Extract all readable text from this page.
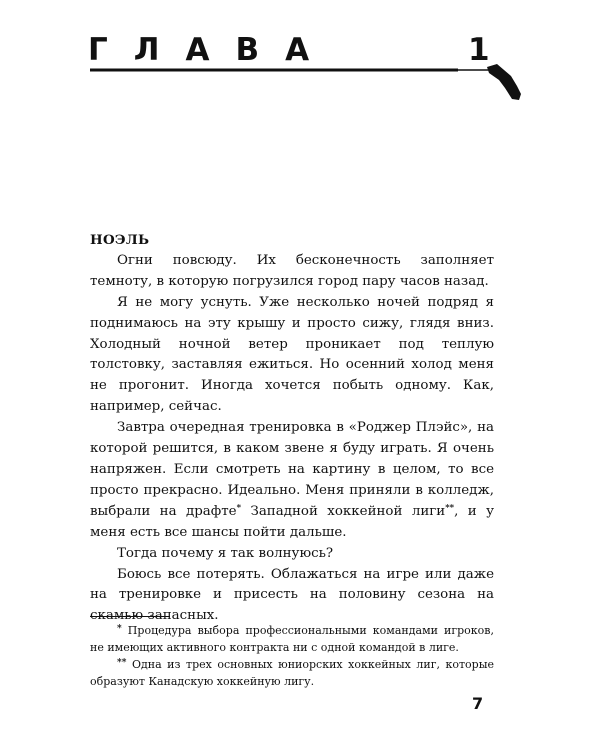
ГЛАВА	1

НОЭЛЬ

Огни повсюду. Их бесконечность заполняет темноту, в которую погрузился город пару часов назад.

Я не могу уснуть. Уже несколько ночей подряд я поднимаюсь на эту крышу и просто сижу, глядя вниз. Холодный ночной ветер проникает под теплую толстовку, заставляя ежиться. Но осенний холод меня не прогонит. Иногда хочется побыть одному. Как, например, сейчас.

Завтра очередная тренировка в «Роджер Плэйс», на которой решится, в каком звене я буду играть. Я очень напряжен. Если смотреть на картину в целом, то все просто прекрасно. Идеально. Меня приняли в колледж, выбрали на драфте* Западной хоккейной лиги**, и у меня есть все шансы пойти дальше.

Тогда почему я так волнуюсь?

Боюсь все потерять. Облажаться на игре или даже на тренировке и присесть на половину сезона на скамью запасных.

* Процедура выбора профессиональными командами игроков, не имеющих активного контракта ни с одной командой в лиге.

** Одна из трех основных юниорских хоккейных лиг, которые образуют Канадскую хоккейную лигу.

7
